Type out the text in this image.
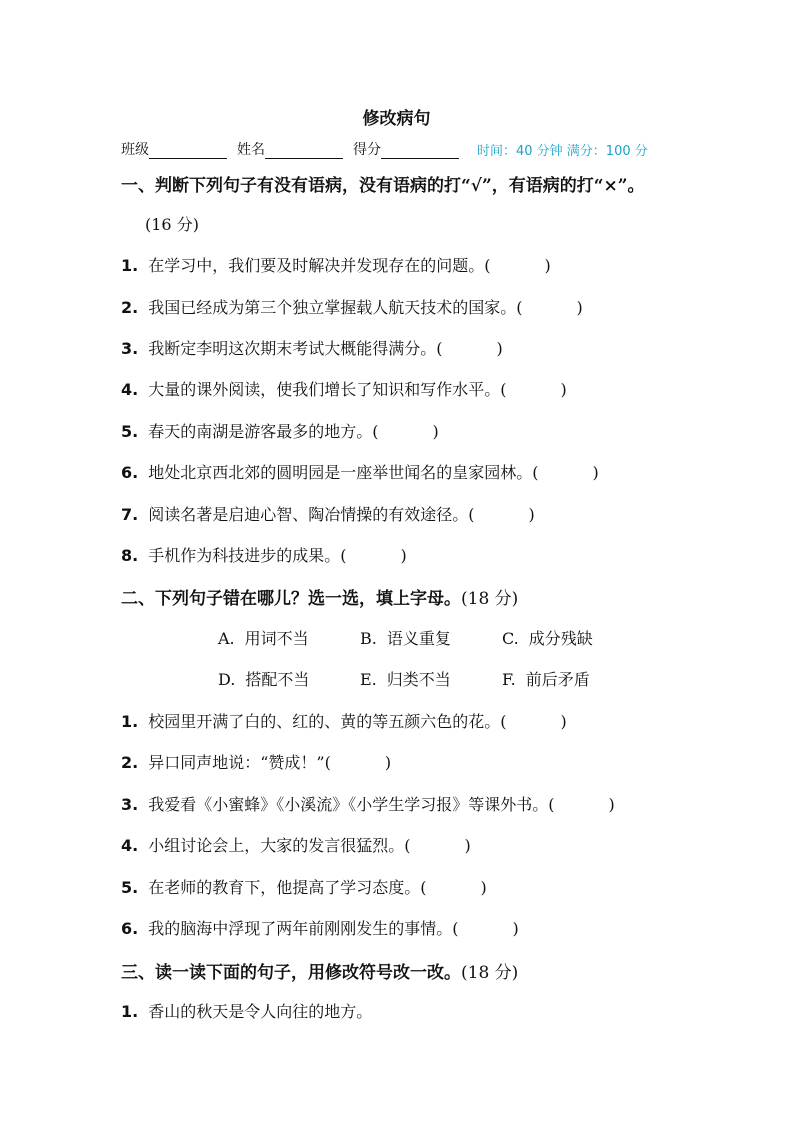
修改病句
班级	姓名	得分	时间：40 分钟 满分：100 分
一、判断下列句子有没有语病，没有语病的打“√”，有语病的打“×”。
(16 分)
1. 在学习中，我们要及时解决并发现存在的问题。(	)
2. 我国已经成为第三个独立掌握载人航天技术的国家。(	)
3. 我断定李明这次期末考试大概能得满分。(	)
4. 大量的课外阅读，使我们增长了知识和写作水平。(	)
5. 春天的南湖是游客最多的地方。(	)
6. 地处北京西北郊的圆明园是一座举世闻名的皇家园林。(	)
7. 阅读名著是启迪心智、陶冶情操的有效途径。(	)
8. 手机作为科技进步的成果。(	)
二、下列句子错在哪儿？选一选，填上字母。(18 分)
A. 用词不当	B. 语义重复	C. 成分残缺
D. 搭配不当	E. 归类不当	F. 前后矛盾
1. 校园里开满了白的、红的、黄的等五颜六色的花。(	)
2. 异口同声地说：“赞成！”(	)
3. 我爱看《小蜜蜂》《小溪流》《小学生学习报》等课外书。(	)
4. 小组讨论会上，大家的发言很猛烈。(	)
5. 在老师的教育下，他提高了学习态度。(	)
6. 我的脑海中浮现了两年前刚刚发生的事情。(	)
三、读一读下面的句子，用修改符号改一改。(18 分)
1. 香山的秋天是令人向往的地方。
